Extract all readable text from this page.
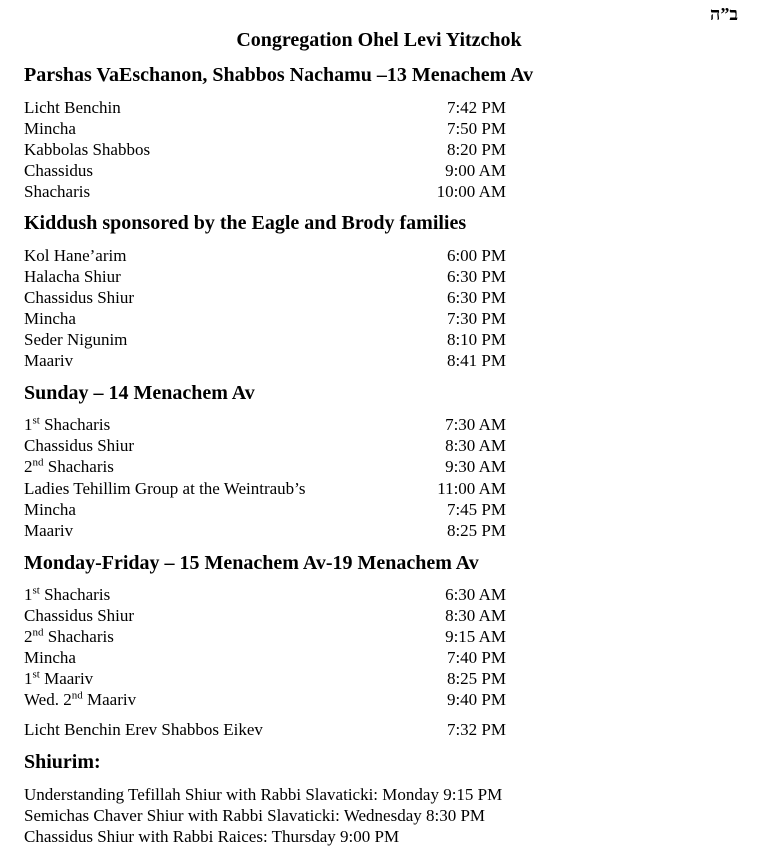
ב”ה
Congregation Ohel Levi Yitzchok
Parshas VaEschanon, Shabbos Nachamu –13 Menachem Av
Licht Benchin	7:42 PM
Mincha	7:50 PM
Kabbolas Shabbos	8:20 PM
Chassidus	9:00 AM
Shacharis	10:00 AM
Kiddush sponsored by the Eagle and Brody families
Kol Hane’arim	6:00 PM
Halacha Shiur	6:30 PM
Chassidus Shiur	6:30 PM
Mincha	7:30 PM
Seder Nigunim	8:10 PM
Maariv	8:41 PM
Sunday – 14 Menachem Av
1st Shacharis	7:30 AM
Chassidus Shiur	8:30 AM
2nd Shacharis	9:30 AM
Ladies Tehillim Group at the Weintraub’s	11:00 AM
Mincha	7:45 PM
Maariv	8:25 PM
Monday-Friday – 15 Menachem Av-19 Menachem Av
1st Shacharis	6:30 AM
Chassidus Shiur	8:30 AM
2nd Shacharis	9:15 AM
Mincha	7:40 PM
1st Maariv	8:25 PM
Wed. 2nd Maariv	9:40 PM
Licht Benchin Erev Shabbos Eikev	7:32 PM
Shiurim:
Understanding Tefillah Shiur with Rabbi Slavaticki: Monday 9:15 PM
Semichas Chaver Shiur with Rabbi Slavaticki: Wednesday 8:30 PM
Chassidus Shiur with Rabbi Raices: Thursday 9:00 PM
